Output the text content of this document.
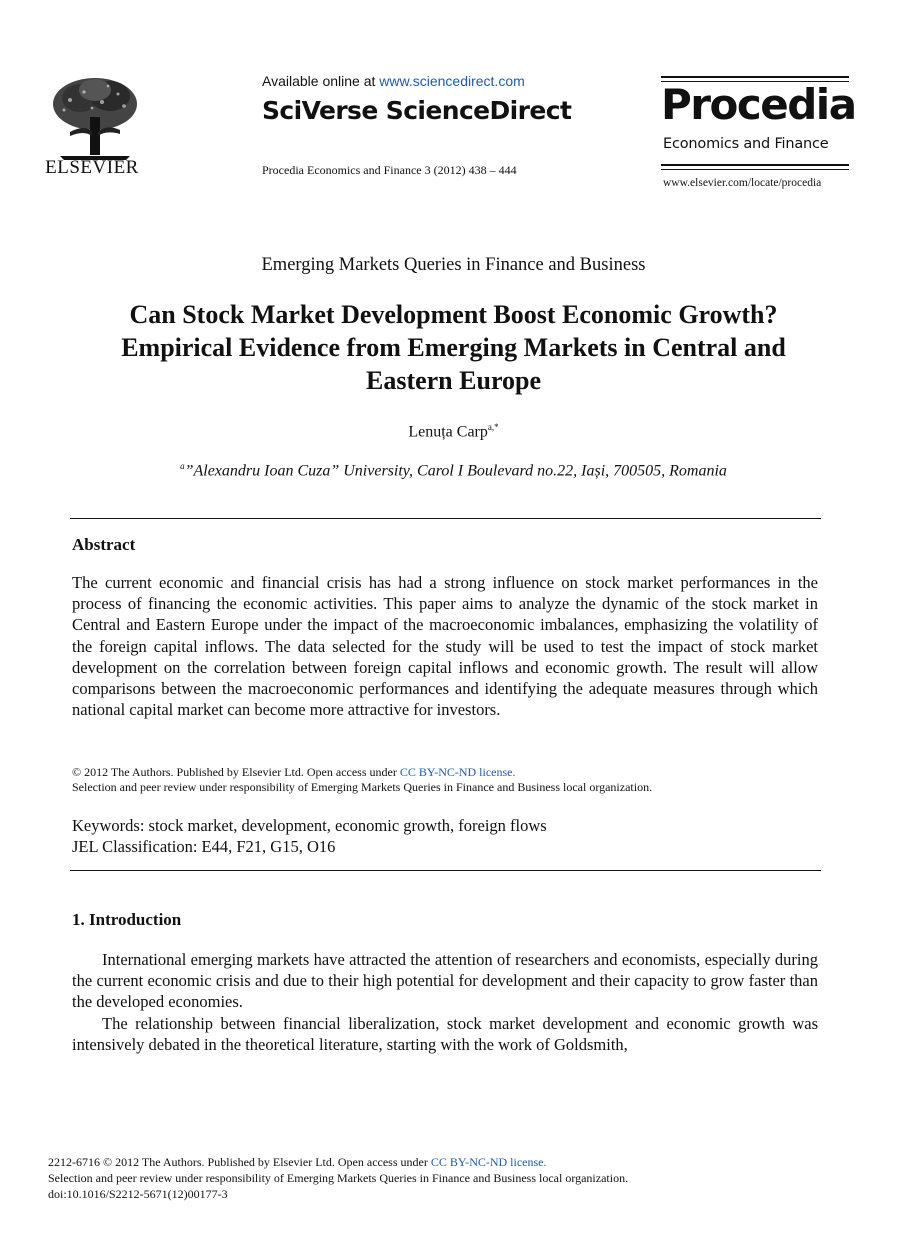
ELSEVIER
Available online at www.sciencedirect.com
SciVerse ScienceDirect
Procedia Economics and Finance 3 (2012) 438 – 444
Procedia
Economics and Finance
www.elsevier.com/locate/procedia
Emerging Markets Queries in Finance and Business
Can Stock Market Development Boost Economic Growth?
Empirical Evidence from Emerging Markets in Central and
Eastern Europe
Lenuța Carp$^{a,*}$
$^a$”Alexandru Ioan Cuza” University, Carol I Boulevard no.22, Iași, 700505, Romania
Abstract
The current economic and financial crisis has had a strong influence on stock market performances in the process of financing the economic activities. This paper aims to analyze the dynamic of the stock market in Central and Eastern Europe under the impact of the macroeconomic imbalances, emphasizing the volatility of the foreign capital inflows. The data selected for the study will be used to test the impact of stock market development on the correlation between foreign capital inflows and economic growth. The result will allow comparisons between the macroeconomic performances and identifying the adequate measures through which national capital market can become more attractive for investors.
© 2012 The Authors. Published by Elsevier Ltd. Open access under CC BY-NC-ND license.
Selection and peer review under responsibility of Emerging Markets Queries in Finance and Business local organization.
Keywords: stock market, development, economic growth, foreign flows
JEL Classification: E44, F21, G15, O16
1. Introduction

International emerging markets have attracted the attention of researchers and economists, especially during the current economic crisis and due to their high potential for development and their capacity to grow faster than the developed economies.

The relationship between financial liberalization, stock market development and economic growth was intensively debated in the theoretical literature, starting with the work of Goldsmith,

2212-6716 © 2012 The Authors. Published by Elsevier Ltd. Open access under CC BY-NC-ND license.
Selection and peer review under responsibility of Emerging Markets Queries in Finance and Business local organization.
doi:10.1016/S2212-5671(12)00177-3
